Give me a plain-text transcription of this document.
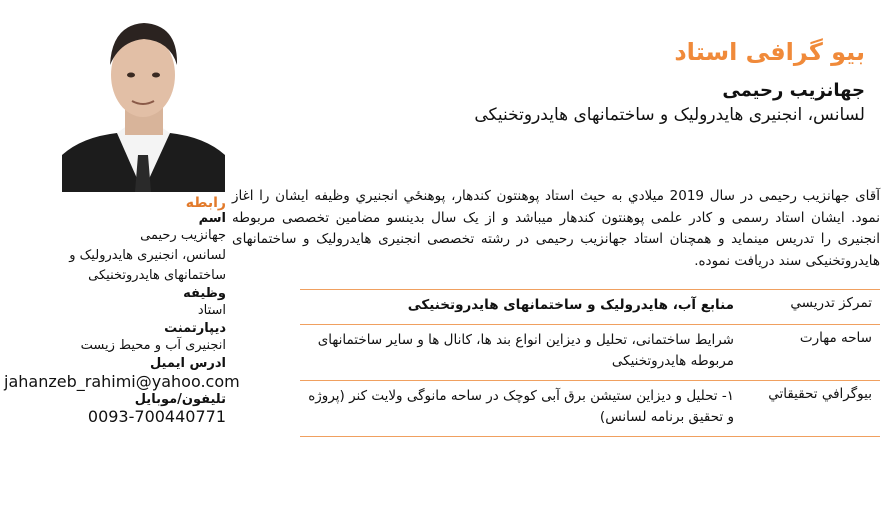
بیو گرافی استاد
جهانزیب رحیمی
لسانس، انجنیری هایدرولیک و ساختمانهای هایدروتخنیکی
آقای جهانزیب رحیمی در سال 2019 ميلادي به حيث استاد پوهنتون کندهار، پوهنځي انجنيري وظيفه ایشان را اغاز نمود. ایشان استاد رسمی و کادر علمی پوهنتون کندهار میباشد و از یک سال بدینسو مضامین تخصصی مربوطه انجنیری را تدریس مینماید و همچنان استاد جهانزیب رحیمی در رشته تخصصی انجنیری هایدرولیک و ساختمانهای هایدروتخنیکی سند دریافت نموده.
تمرکز تدريسي	منابع آب، هایدرولیک و ساختمانهای هایدروتخنیکی
ساحه مهارت	شرایط ساختمانی، تحلیل و دیزاین انواع بند ها، کانال ها و سایر ساختمانهای مربوطه هایدروتخنیکی
بيوگرافي تحقيقاتي	۱- تحلیل و دیزاین ستیشن برق آبی کوچک در ساحه مانوگی ولایت کنر (پروژه و تحقیق برنامه لسانس)
رابطه
اسم
جهانزیب رحیمی
لسانس، انجنیری هایدرولیک و ساختمانهای هایدروتخنیکی
وظیفه
استاد
دیپارتمنت
انجنیری آب و محیط زیست
ادرس ایمیل
jahanzeb_rahimi@yahoo.com
تلیفون/موبایل
0093-700440771
